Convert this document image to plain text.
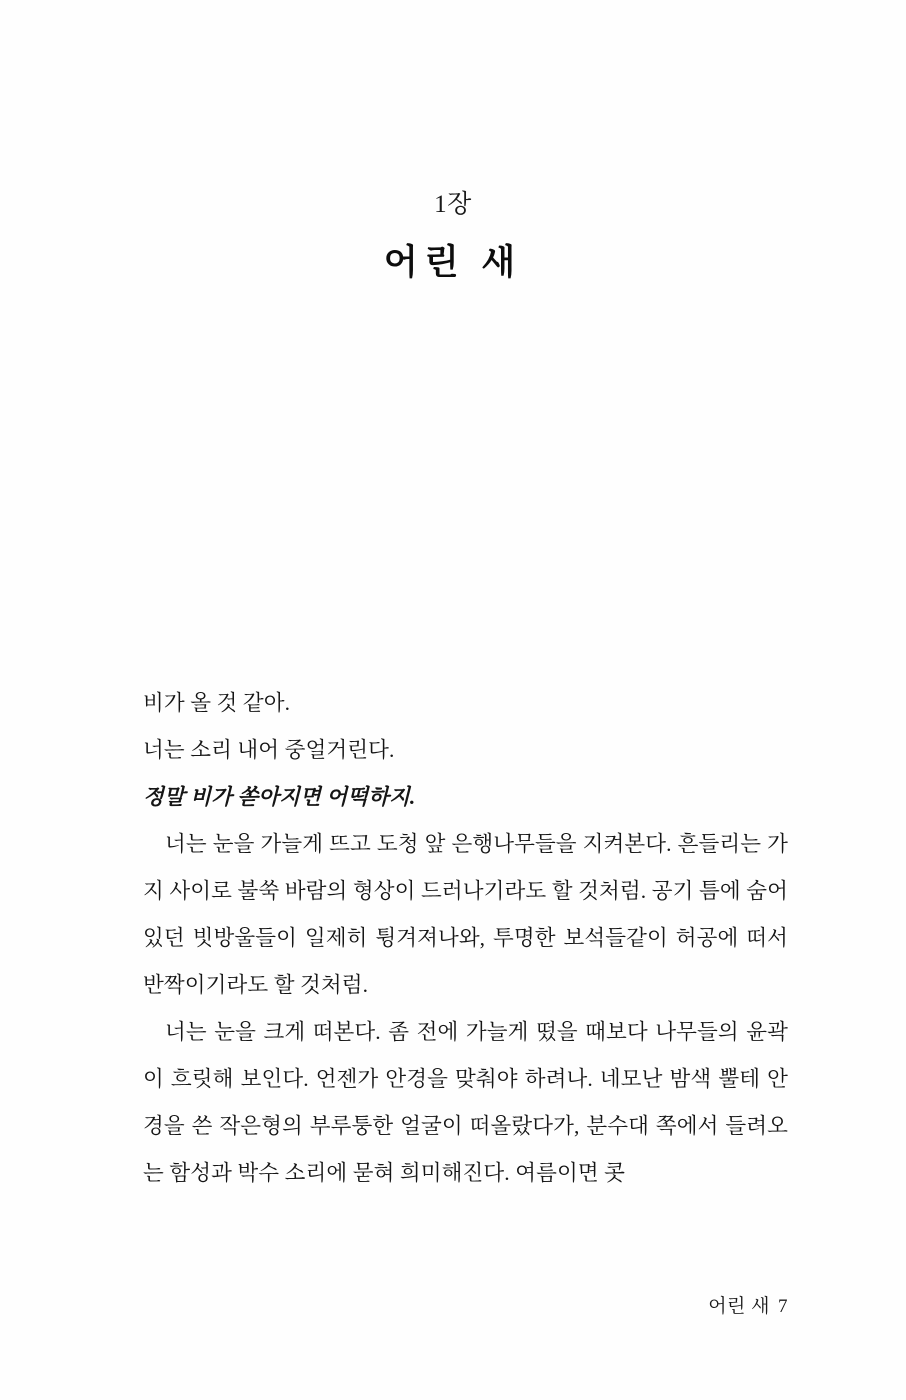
1장
어린 새
비가 올 것 같아.
너는 소리 내어 중얼거린다.
정말 비가 쏟아지면 어떡하지.

너는 눈을 가늘게 뜨고 도청 앞 은행나무들을 지켜본다. 흔들리는 가지 사이로 불쑥 바람의 형상이 드러나기라도 할 것처럼. 공기 틈에 숨어 있던 빗방울들이 일제히 튕겨져나와, 투명한 보석들같이 허공에 떠서 반짝이기라도 할 것처럼.

너는 눈을 크게 떠본다. 좀 전에 가늘게 떴을 때보다 나무들의 윤곽이 흐릿해 보인다. 언젠가 안경을 맞춰야 하려나. 네모난 밤색 뿔테 안경을 쓴 작은형의 부루퉁한 얼굴이 떠올랐다가, 분수대 쪽에서 들려오는 함성과 박수 소리에 묻혀 희미해진다. 여름이면 콧

어린 새 7
